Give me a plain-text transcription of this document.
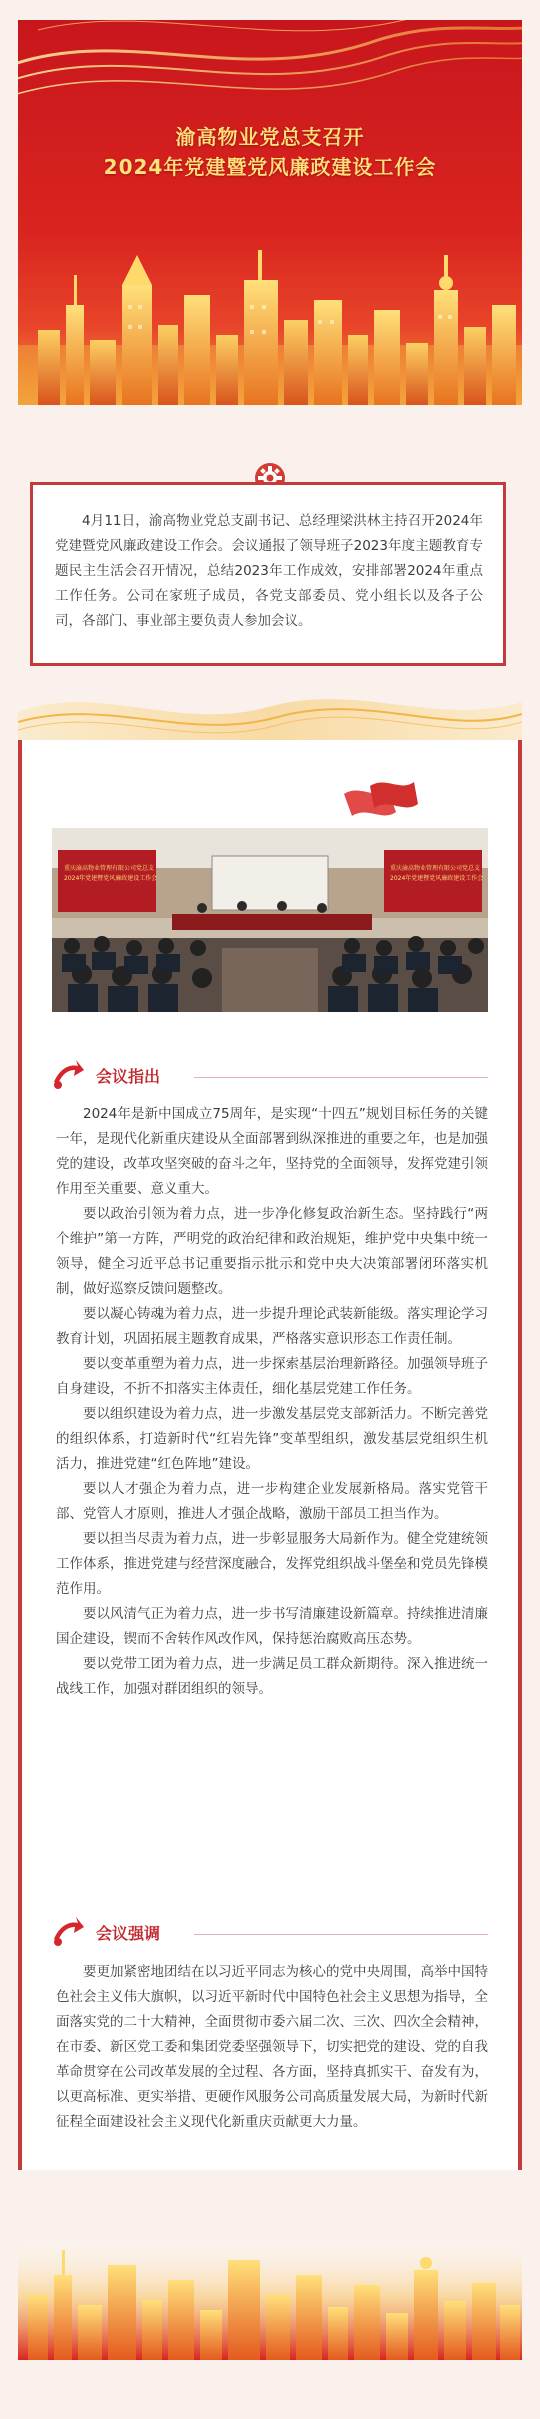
渝高物业党总支召开
2024年党建暨党风廉政建设工作会
4月11日，渝高物业党总支副书记、总经理梁洪林主持召开2024年党建暨党风廉政建设工作会。会议通报了领导班子2023年度主题教育专题民主生活会召开情况，总结2023年工作成效，安排部署2024年重点工作任务。公司在家班子成员，各党支部委员、党小组长以及各子公司，各部门、事业部主要负责人参加会议。
重庆渝高物业管理有限公司党总支
2024年党建暨党风廉政建设工作会
重庆渝高物业管理有限公司党总支
2024年党建暨党风廉政建设工作会
会议指出

2024年是新中国成立75周年，是实现“十四五”规划目标任务的关键一年，是现代化新重庆建设从全面部署到纵深推进的重要之年，也是加强党的建设，改革攻坚突破的奋斗之年，坚持党的全面领导，发挥党建引领作用至关重要、意义重大。

要以政治引领为着力点，进一步净化修复政治新生态。坚持践行“两个维护”第一方阵，严明党的政治纪律和政治规矩，维护党中央集中统一领导，健全习近平总书记重要指示批示和党中央大决策部署闭环落实机制，做好巡察反馈问题整改。

要以凝心铸魂为着力点，进一步提升理论武装新能级。落实理论学习教育计划，巩固拓展主题教育成果，严格落实意识形态工作责任制。

要以变革重塑为着力点，进一步探索基层治理新路径。加强领导班子自身建设，不折不扣落实主体责任，细化基层党建工作任务。

要以组织建设为着力点，进一步激发基层党支部新活力。不断完善党的组织体系，打造新时代“红岩先锋”变革型组织，激发基层党组织生机活力，推进党建“红色阵地”建设。

要以人才强企为着力点，进一步构建企业发展新格局。落实党管干部、党管人才原则，推进人才强企战略，激励干部员工担当作为。

要以担当尽责为着力点，进一步彰显服务大局新作为。健全党建统领工作体系，推进党建与经营深度融合，发挥党组织战斗堡垒和党员先锋模范作用。

要以风清气正为着力点，进一步书写清廉建设新篇章。持续推进清廉国企建设，锲而不舍转作风改作风，保持惩治腐败高压态势。

要以党带工团为着力点，进一步满足员工群众新期待。深入推进统一战线工作，加强对群团组织的领导。

会议强调

要更加紧密地团结在以习近平同志为核心的党中央周围，高举中国特色社会主义伟大旗帜，以习近平新时代中国特色社会主义思想为指导，全面落实党的二十大精神，全面贯彻市委六届二次、三次、四次全会精神，在市委、新区党工委和集团党委坚强领导下，切实把党的建设、党的自我革命贯穿在公司改革发展的全过程、各方面，坚持真抓实干、奋发有为，以更高标准、更实举措、更硬作风服务公司高质量发展大局，为新时代新征程全面建设社会主义现代化新重庆贡献更大力量。
